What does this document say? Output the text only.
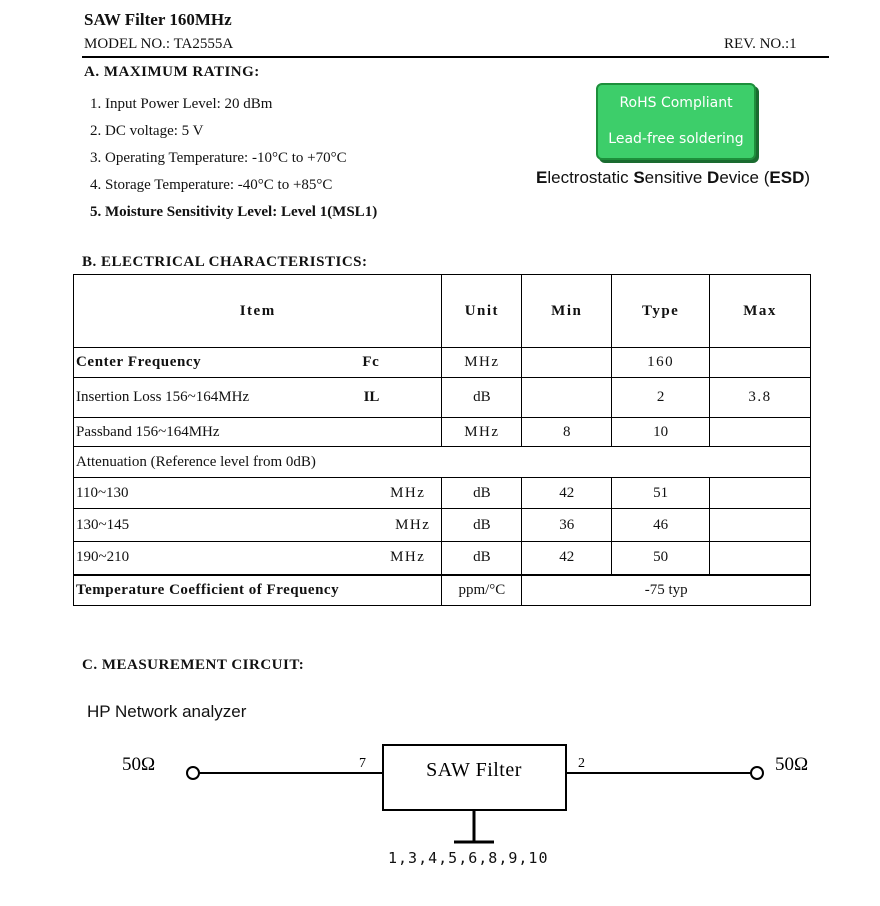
SAW Filter 160MHz
MODEL NO.: TA2555A	REV. NO.:1
A. MAXIMUM RATING:
1. Input Power Level: 20 dBm
2. DC voltage: 5 V
3. Operating Temperature: -10°C to +70°C
4. Storage Temperature: -40°C to +85°C
5. Moisture Sensitivity Level: Level 1(MSL1)
RoHS Compliant
Lead-free soldering
Electrostatic Sensitive Device (ESD)
B. ELECTRICAL CHARACTERISTICS:
Item	Unit	Min	Type	Max
Center Frequency Fc	MHz		160	
Insertion Loss 156~164MHz IL	dB		2	3.8
Passband 156~164MHz	MHz	8	10	
Attenuation (Reference level from 0dB)				
110~130 MHz	dB	42	51	
130~145 MHz	dB	36	46	
190~210 MHz	dB	42	50	
Temperature Coefficient of Frequency	ppm/°C	-75 typ		
C. MEASUREMENT CIRCUIT:
HP Network analyzer
50Ω	50Ω
7	2
SAW Filter
1,3,4,5,6,8,9,10
